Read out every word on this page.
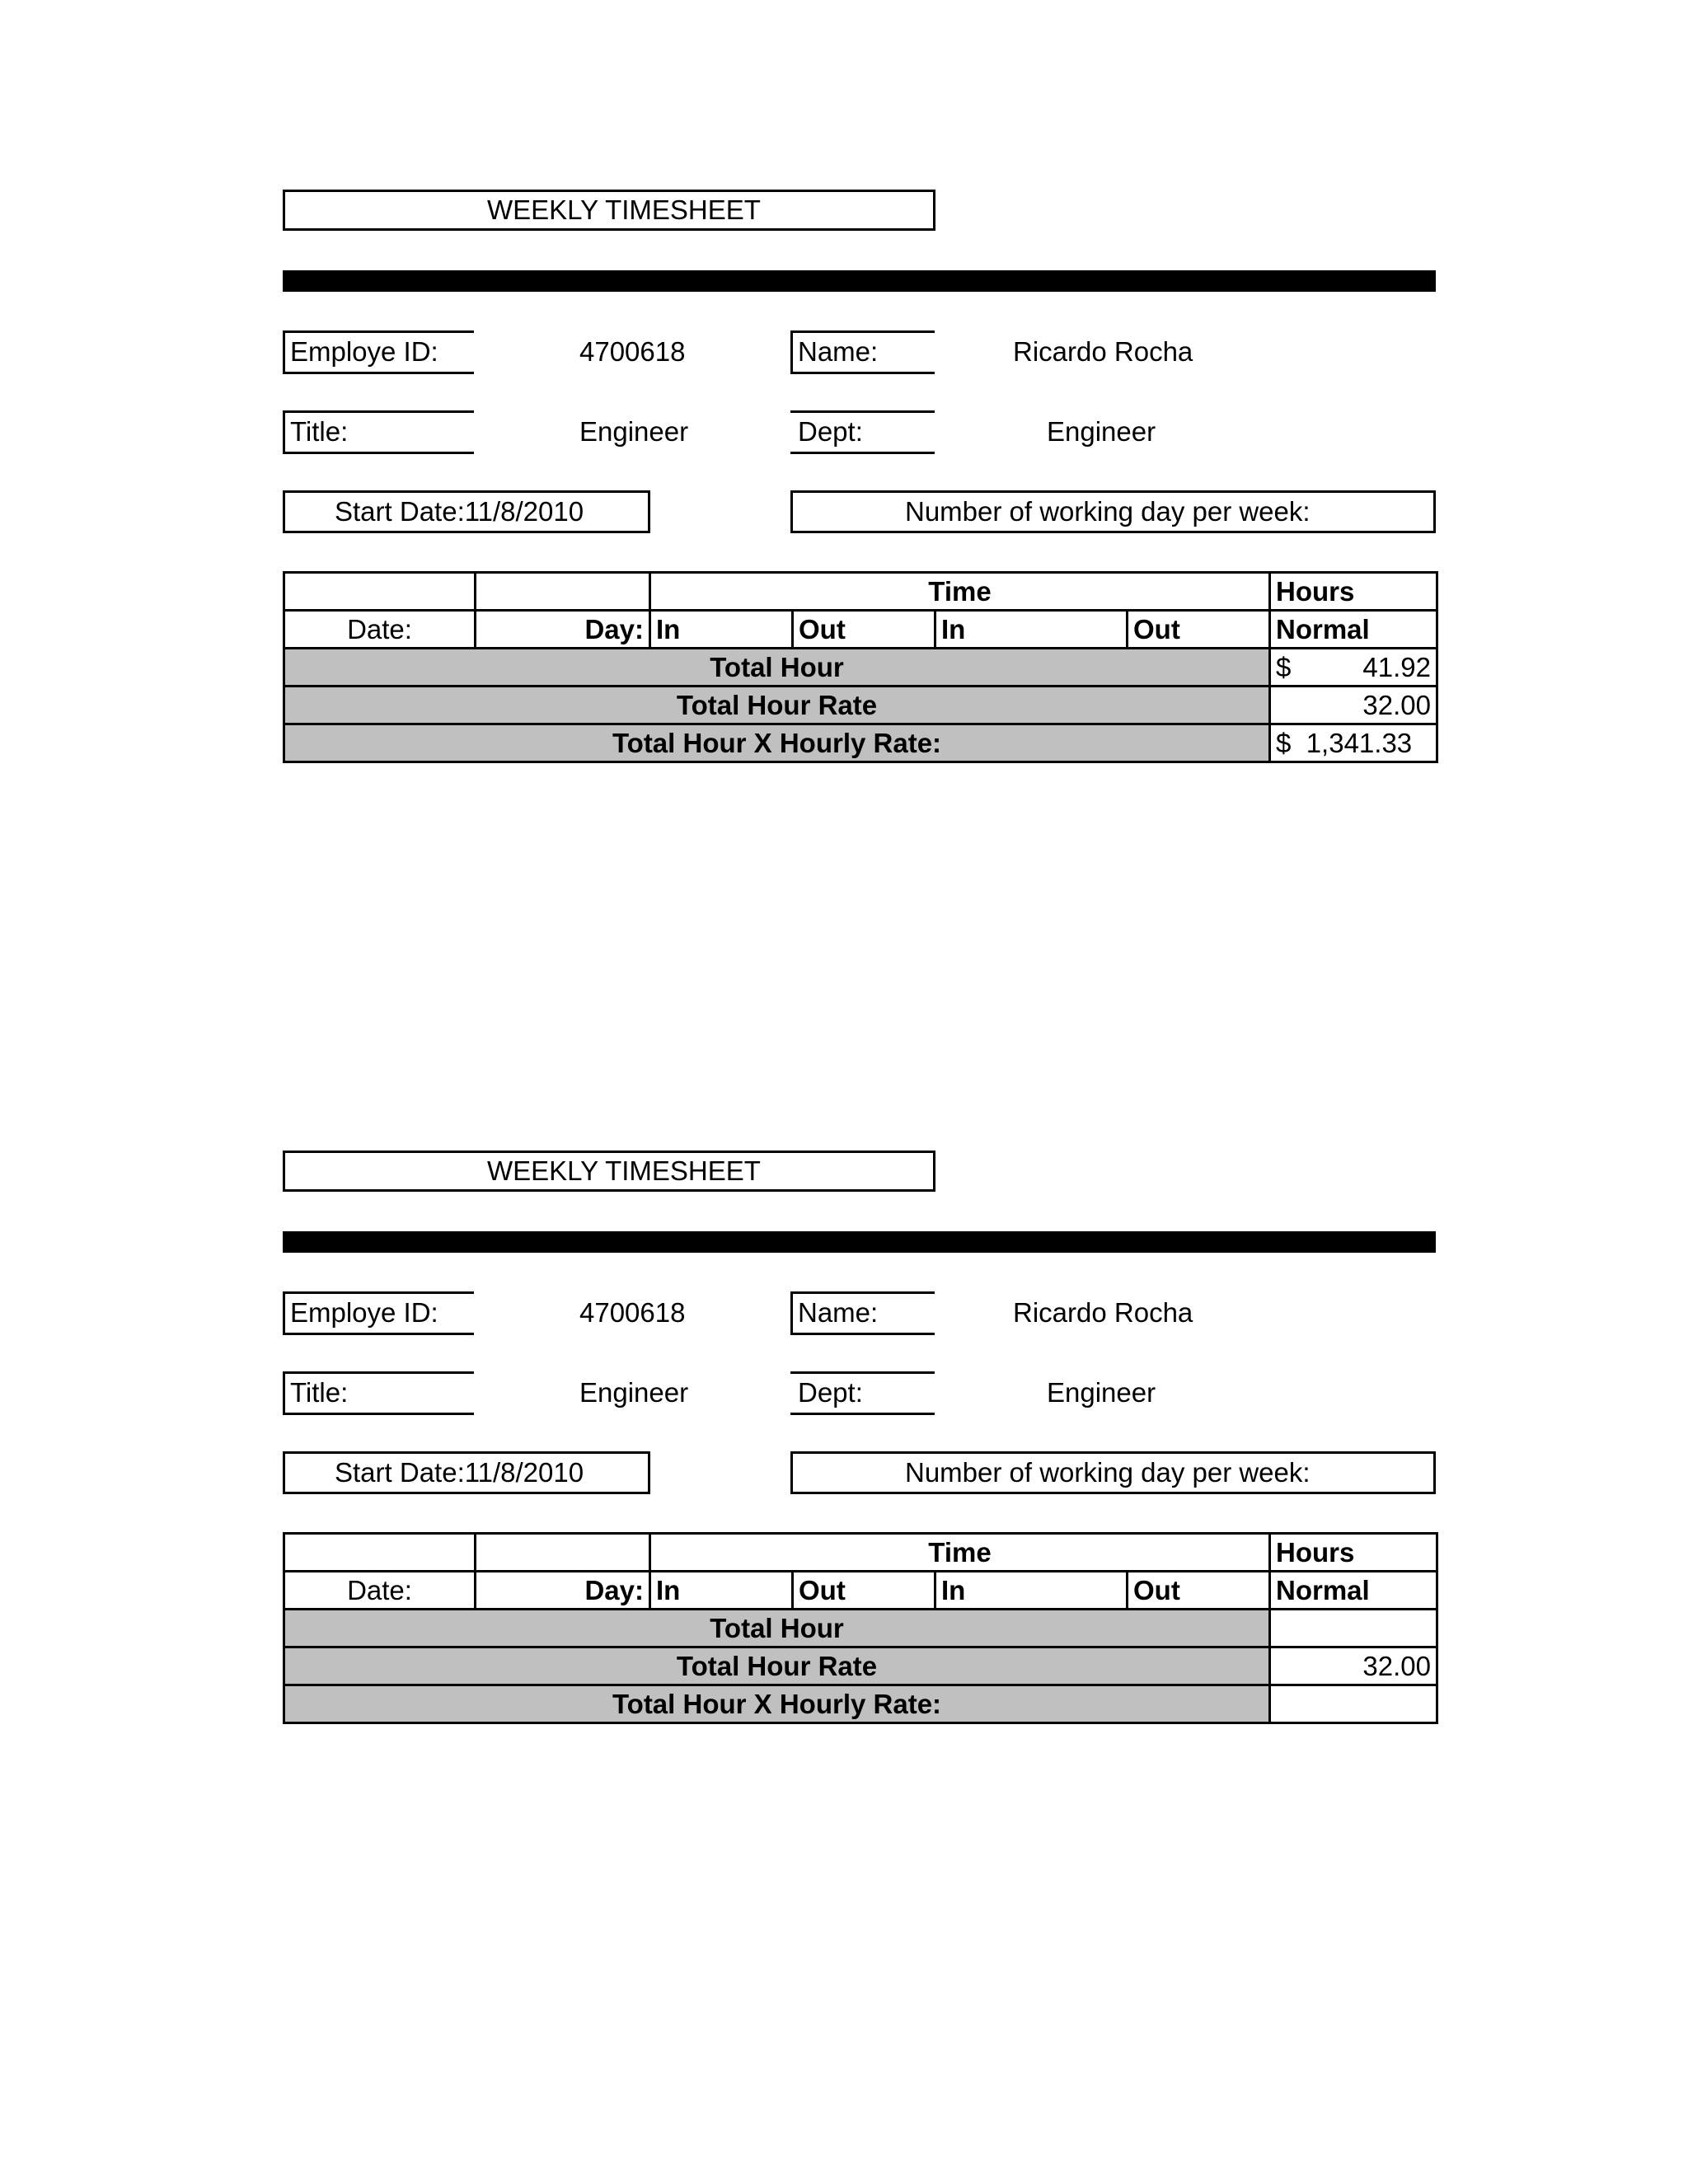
WEEKLY TIMESHEET
Employe ID:	4700618	Name:	Ricardo Rocha
Title:	Engineer	Dept:	Engineer
Start Date:11/8/2010	Number of working day per week:
		Time				Hours
Date:	Day:	In	Out	In	Out	Normal
Total Hour						$ 41.92
Total Hour Rate						32.00
Total Hour X Hourly Rate:						$ 1,341.33
WEEKLY TIMESHEET
Employe ID:	4700618	Name:	Ricardo Rocha
Title:	Engineer	Dept:	Engineer
Start Date:11/8/2010	Number of working day per week:
		Time				Hours
Date:	Day:	In	Out	In	Out	Normal
Total Hour						

Total Hour Rate						32.00
Total Hour X Hourly Rate:						
